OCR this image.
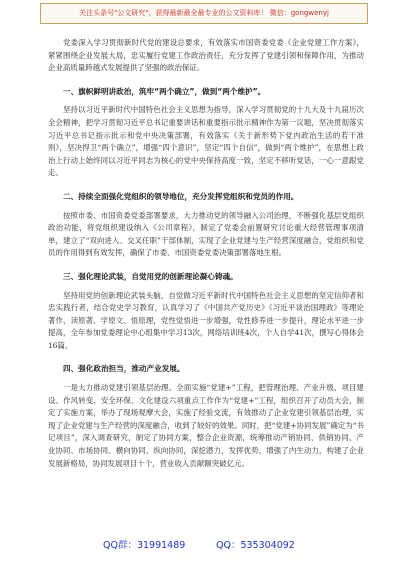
关注头条号"公文研究"，获得最新最全最专业的公文资料库！ 微信：gongwenyj

党委深入学习贯彻新时代党的建设总要求，有效落实市国资委党委《企业党建工作方案》，紧紧围绕企业发展大局，忠实履行党建工作政治责任，充分发挥了党建引领和保障作用，为推动企业高质量跨越式发展提供了坚强的政治保证。

一、旗帜鲜明讲政治，筑牢“两个确立”，做到“两个维护”。

坚持以习近平新时代中国特色社会主义思想为指导，深入学习贯彻党的十九大及十九届历次全会精神，把学习贯彻习近平总书记重要讲话和重要指示批示精神作为第一议题，坚决贯彻落实习近平总书记指示批示和党中央决策部署，有效落实《关于新形势下党内政治生活的若干准则》，坚决捍卫“两个确立”，增强“四个意识”，坚定“四个自信”，做到“两个维护”，在思想上政治上行动上始终同以习近平同志为核心的党中央保持高度一致，坚定不移听党话，一心一意跟党走。

二、持续全面强化党组织的领导地位，充分发挥党组织和党员的作用。

按照市委、市国资委党委部署要求，大力推动党的领导融入公司治理，不断强化基层党组织政治功能，将党组织建设纳入《公司章程》，制定了党委会前置研究讨论重大经营管理事项清单，建立了“双向进入、交叉任职”干部体制，实现了企业党建与生产经营深度融合，党组织和党员的作用得到有效发挥，确保了市委、市国资委党委决策部署落地生根。

三、强化理论武装，自觉用党的创新理论凝心铸魂。

坚持用党的创新理论武装头脑，自觉做习近平新时代中国特色社会主义思想的坚定信仰者和忠实践行者，结合党史学习教育，认真学习了《中国共产党历史》《习近平谈治国理政》等理论著作，读原著、学原文、悟原理，党性觉悟进一步增强，党性修养进一步提升，理论水平进一步提高，全年参加党委理论中心组集中学习13次，网络培训班4次，个人自学41次，撰写心得体会16篇。

四、强化政治担当，推动产业发展。

一是大力推动党建引领基层治理。全面实施“党建+”工程，把管理治理、产业升级、项目建设、作风转变、安全环保、文化建设六项重点工作作为“党建+”工程，组织召开了动员大会，制定了实施方案，举办了现场观摩大会，实施了经验交流，有效推动了企业党建引领基层治理，实现了企业党建与生产经营的深度融合，收到了较好的效果。同时，把“党建+协同发展”确定为“书记项目”，深入调查研究，制定了协同方案，整合企业资源，统筹推动产销协同、供销协同、产业协同、市场协同、横向协同、纵向协同，深挖潜力，发挥优势，增强了内生动力，构建了企业发展新格局，协同发展项目十个，营业收入贡献额突破亿元。

QQ群：31991489	QQ：535304092
